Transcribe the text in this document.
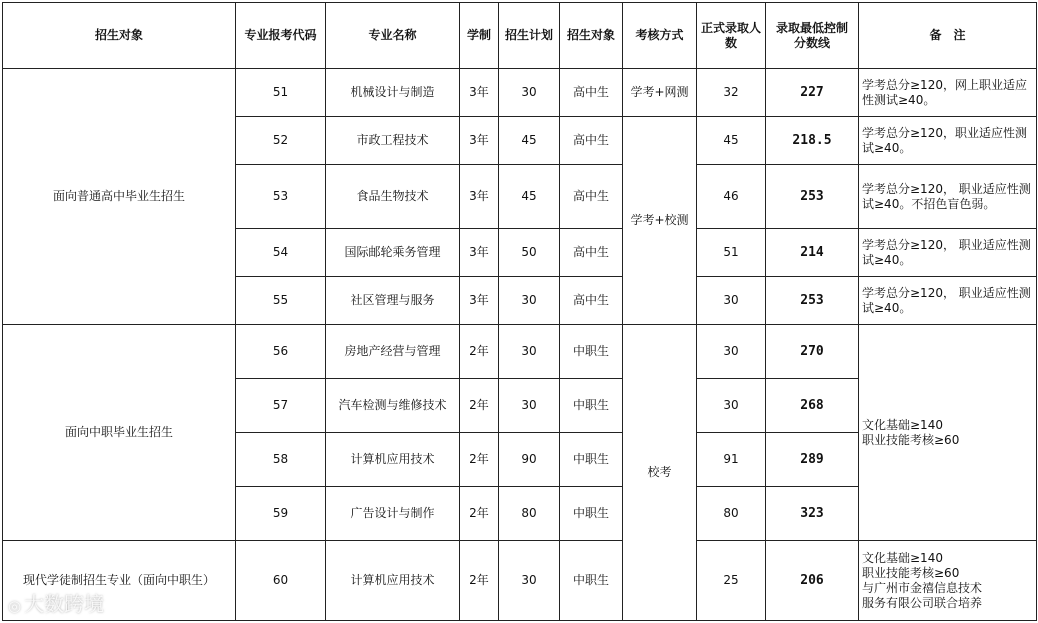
招生对象	专业报考代码	专业名称	学制	招生计划	招生对象	考核方式	正式录取人数	录取最低控制分数线	备　注
面向普通高中毕业生招生	51	机械设计与制造	3年	30	高中生	学考+网测	32	227	学考总分≥120，网上职业适应性测试≥40。
	52	市政工程技术	3年	45	高中生	学考+校测	45	218.5	学考总分≥120，职业适应性测试≥40。
	53	食品生物技术	3年	45	高中生		46	253	学考总分≥120， 职业适应性测试≥40。不招色盲色弱。
	54	国际邮轮乘务管理	3年	50	高中生		51	214	学考总分≥120， 职业适应性测试≥40。
	55	社区管理与服务	3年	30	高中生		30	253	学考总分≥120， 职业适应性测试≥40。
面向中职毕业生招生	56	房地产经营与管理	2年	30	中职生	校考	30	270	文化基础≥140
职业技能考核≥60

	57	汽车检测与维修技术	2年	30	中职生		30	268	
	58	计算机应用技术	2年	90	中职生		91	289	
	59	广告设计与制作	2年	80	中职生		80	323	
现代学徒制招生专业（面向中职生）	60	计算机应用技术	2年	30	中职生		25	206	文化基础≥140
职业技能考核≥60
与广州市金禧信息技术
服务有限公司联合培养
◎ 大数跨境
